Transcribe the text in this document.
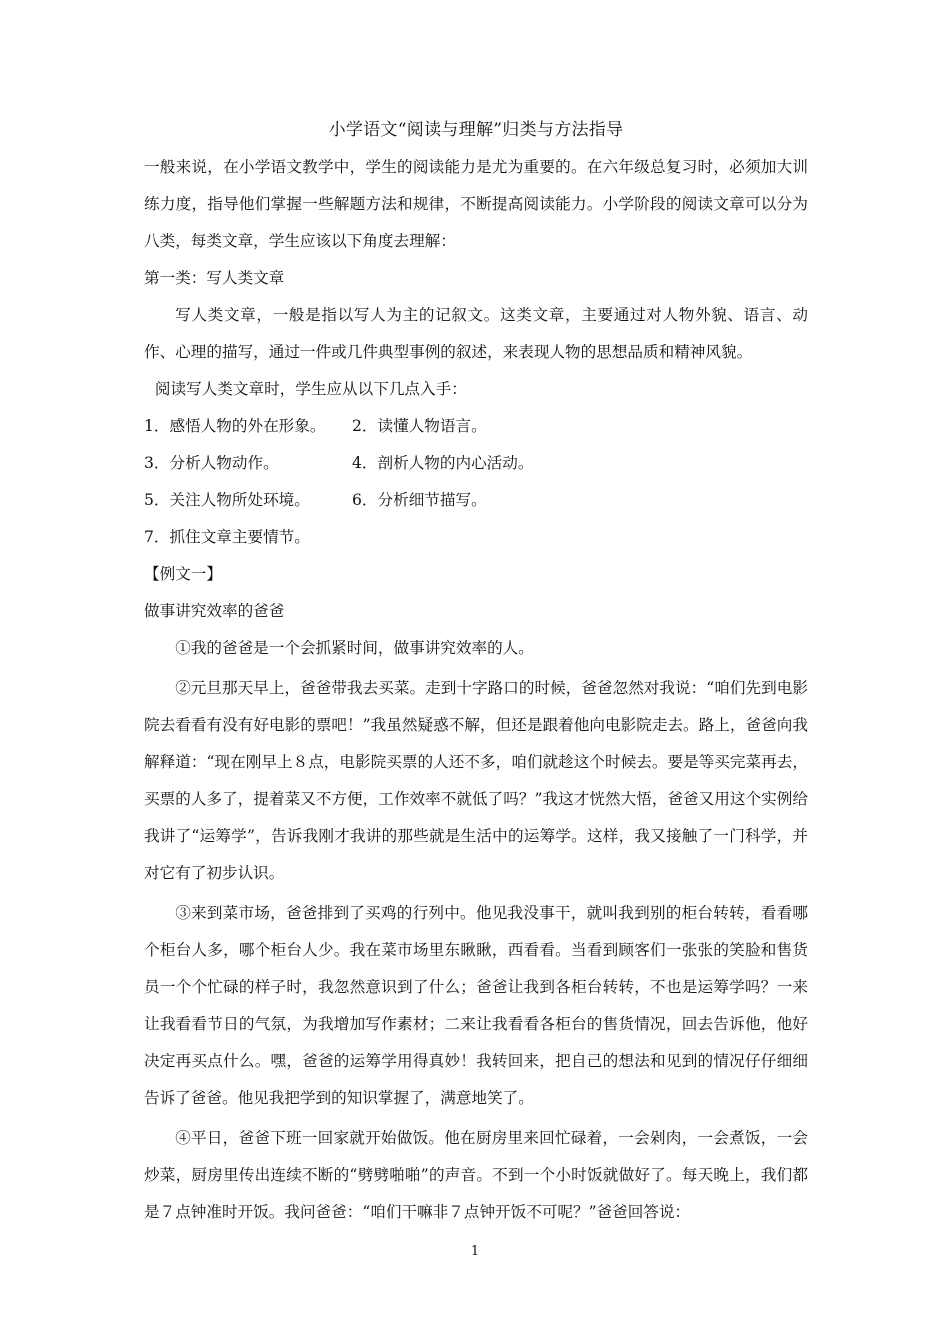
小学语文“阅读与理解”归类与方法指导

一般来说，在小学语文教学中，学生的阅读能力是尤为重要的。在六年级总复习时，必须加大训练力度，指导他们掌握一些解题方法和规律，不断提高阅读能力。小学阶段的阅读文章可以分为八类，每类文章，学生应该以下角度去理解：

第一类：写人类文章

写人类文章，一般是指以写人为主的记叙文。这类文章，主要通过对人物外貌、语言、动作、心理的描写，通过一件或几件典型事例的叙述，来表现人物的思想品质和精神风貌。

阅读写人类文章时，学生应从以下几点入手：

1．感悟人物的外在形象。	2．读懂人物语言。
3．分析人物动作。	4．剖析人物的内心活动。
5．关注人物所处环境。	6．分析细节描写。
7．抓住文章主要情节。

【例文一】

做事讲究效率的爸爸

①我的爸爸是一个会抓紧时间，做事讲究效率的人。

②元旦那天早上，爸爸带我去买菜。走到十字路口的时候，爸爸忽然对我说：“咱们先到电影院去看看有没有好电影的票吧！”我虽然疑惑不解，但还是跟着他向电影院走去。路上，爸爸向我解释道：“现在刚早上８点，电影院买票的人还不多，咱们就趁这个时候去。要是等买完菜再去，买票的人多了，提着菜又不方便，工作效率不就低了吗？”我这才恍然大悟，爸爸又用这个实例给我讲了“运筹学”，告诉我刚才我讲的那些就是生活中的运筹学。这样，我又接触了一门科学，并对它有了初步认识。

③来到菜市场，爸爸排到了买鸡的行列中。他见我没事干，就叫我到别的柜台转转，看看哪个柜台人多，哪个柜台人少。我在菜市场里东瞅瞅，西看看。当看到顾客们一张张的笑脸和售货员一个个忙碌的样子时，我忽然意识到了什么；爸爸让我到各柜台转转，不也是运筹学吗？一来让我看看节日的气氛，为我增加写作素材；二来让我看看各柜台的售货情况，回去告诉他，他好决定再买点什么。嘿，爸爸的运筹学用得真妙！我转回来，把自己的想法和见到的情况仔仔细细告诉了爸爸。他见我把学到的知识掌握了，满意地笑了。

④平日，爸爸下班一回家就开始做饭。他在厨房里来回忙碌着，一会剁肉，一会煮饭，一会炒菜，厨房里传出连续不断的“劈劈啪啪”的声音。不到一个小时饭就做好了。每天晚上，我们都是７点钟准时开饭。我问爸爸：“咱们干嘛非７点钟开饭不可呢？”爸爸回答说：

1
